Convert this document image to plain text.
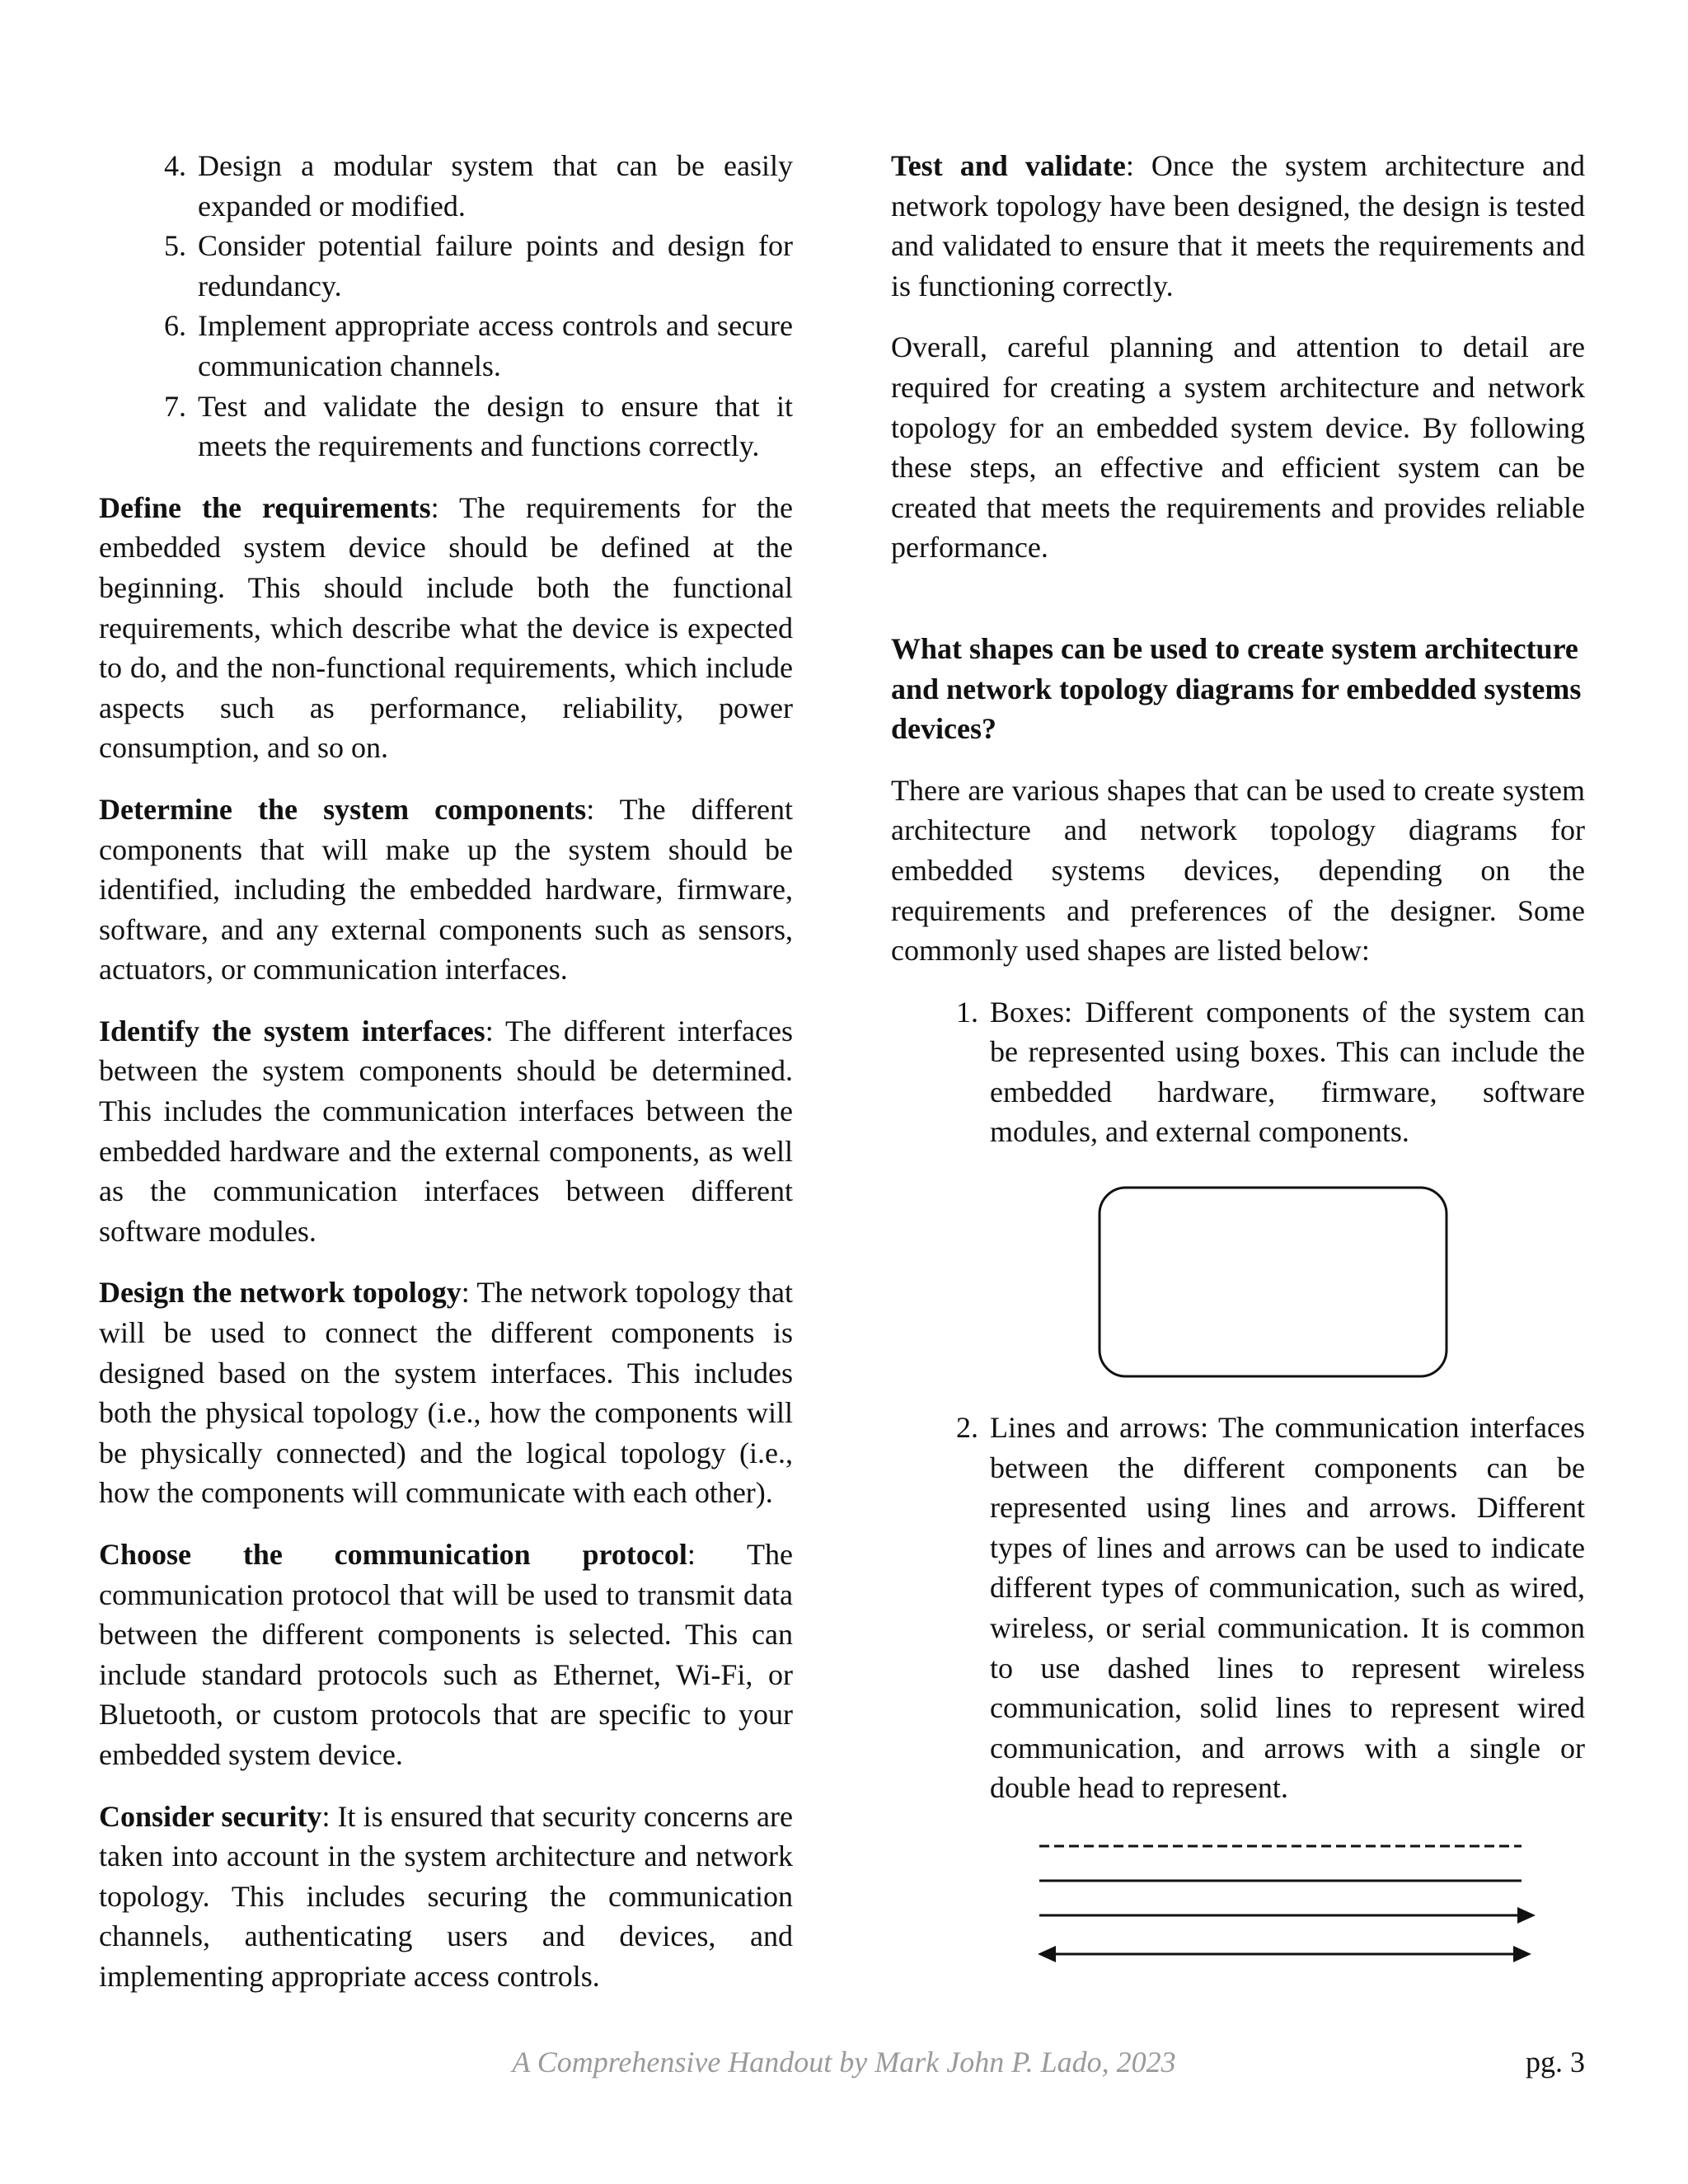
4. Design a modular system that can be easily expanded or modified.
5. Consider potential failure points and design for redundancy.
6. Implement appropriate access controls and secure communication channels.
7. Test and validate the design to ensure that it meets the requirements and functions correctly.

Define the requirements: The requirements for the embedded system device should be defined at the beginning. This should include both the functional requirements, which describe what the device is expected to do, and the non-functional requirements, which include aspects such as performance, reliability, power consumption, and so on.

Determine the system components: The different components that will make up the system should be identified, including the embedded hardware, firmware, software, and any external components such as sensors, actuators, or communication interfaces.

Identify the system interfaces: The different interfaces between the system components should be determined. This includes the communication interfaces between the embedded hardware and the external components, as well as the communication interfaces between different software modules.

Design the network topology: The network topology that will be used to connect the different components is designed based on the system interfaces. This includes both the physical topology (i.e., how the components will be physically connected) and the logical topology (i.e., how the components will communicate with each other).

Choose the communication protocol: The communication protocol that will be used to transmit data between the different components is selected. This can include standard protocols such as Ethernet, Wi-Fi, or Bluetooth, or custom protocols that are specific to your embedded system device.

Consider security: It is ensured that security concerns are taken into account in the system architecture and network topology. This includes securing the communication channels, authenticating users and devices, and implementing appropriate access controls.

Test and validate: Once the system architecture and network topology have been designed, the design is tested and validated to ensure that it meets the requirements and is functioning correctly.

Overall, careful planning and attention to detail are required for creating a system architecture and network topology for an embedded system device. By following these steps, an effective and efficient system can be created that meets the requirements and provides reliable performance.

What shapes can be used to create system architecture and network topology diagrams for embedded systems devices?

There are various shapes that can be used to create system architecture and network topology diagrams for embedded systems devices, depending on the requirements and preferences of the designer. Some commonly used shapes are listed below:

1. Boxes: Different components of the system can be represented using boxes. This can include the embedded hardware, firmware, software modules, and external components.
2. Lines and arrows: The communication interfaces between the different components can be represented using lines and arrows. Different types of lines and arrows can be used to indicate different types of communication, such as wired, wireless, or serial communication. It is common to use dashed lines to represent wireless communication, solid lines to represent wired communication, and arrows with a single or double head to represent.
A Comprehensive Handout by Mark John P. Lado, 2023	pg. 3
